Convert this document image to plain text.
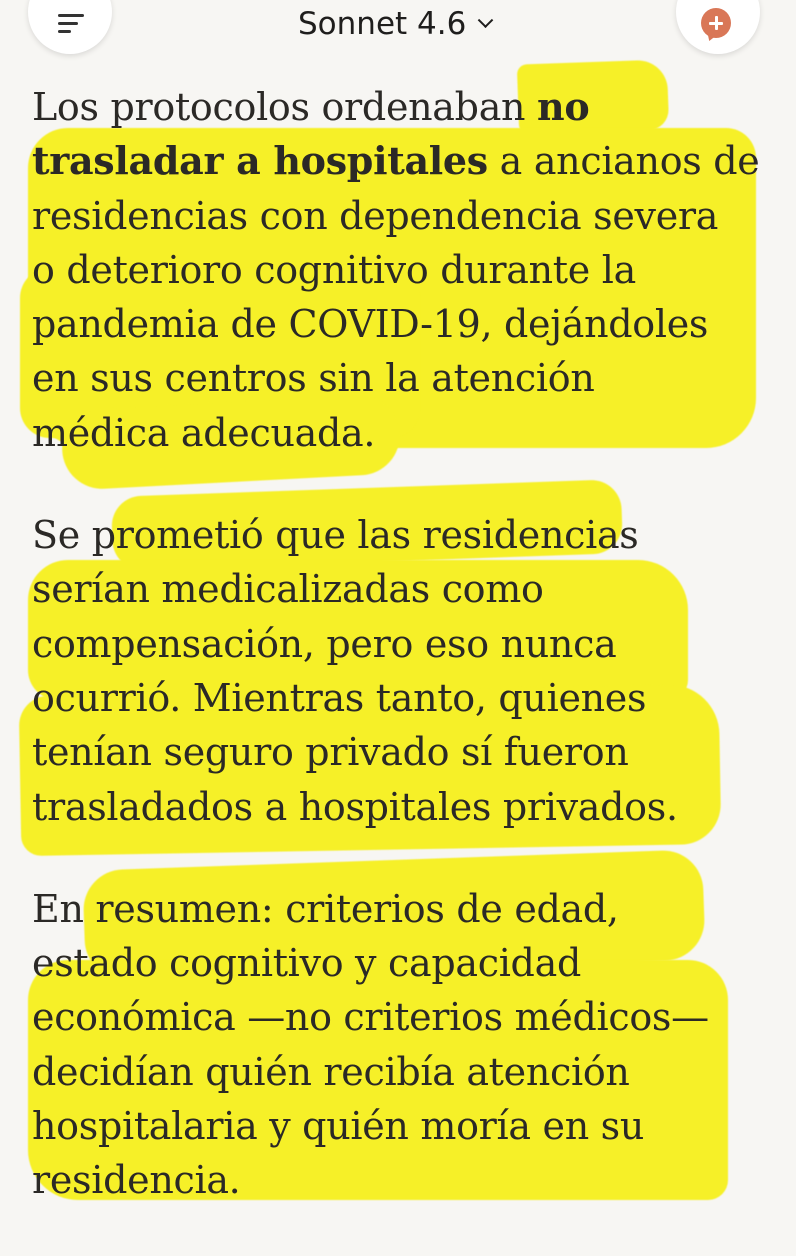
Sonnet 4.6

Los protocolos ordenaban no
trasladar a hospitales a ancianos de
residencias con dependencia severa
o deterioro cognitivo durante la
pandemia de COVID-19, dejándoles
en sus centros sin la atención
médica adecuada.

Se prometió que las residencias
serían medicalizadas como
compensación, pero eso nunca
ocurrió. Mientras tanto, quienes
tenían seguro privado sí fueron
trasladados a hospitales privados.

En resumen: criterios de edad,
estado cognitivo y capacidad
económica —no criterios médicos—
decidían quién recibía atención
hospitalaria y quién moría en su
residencia.
